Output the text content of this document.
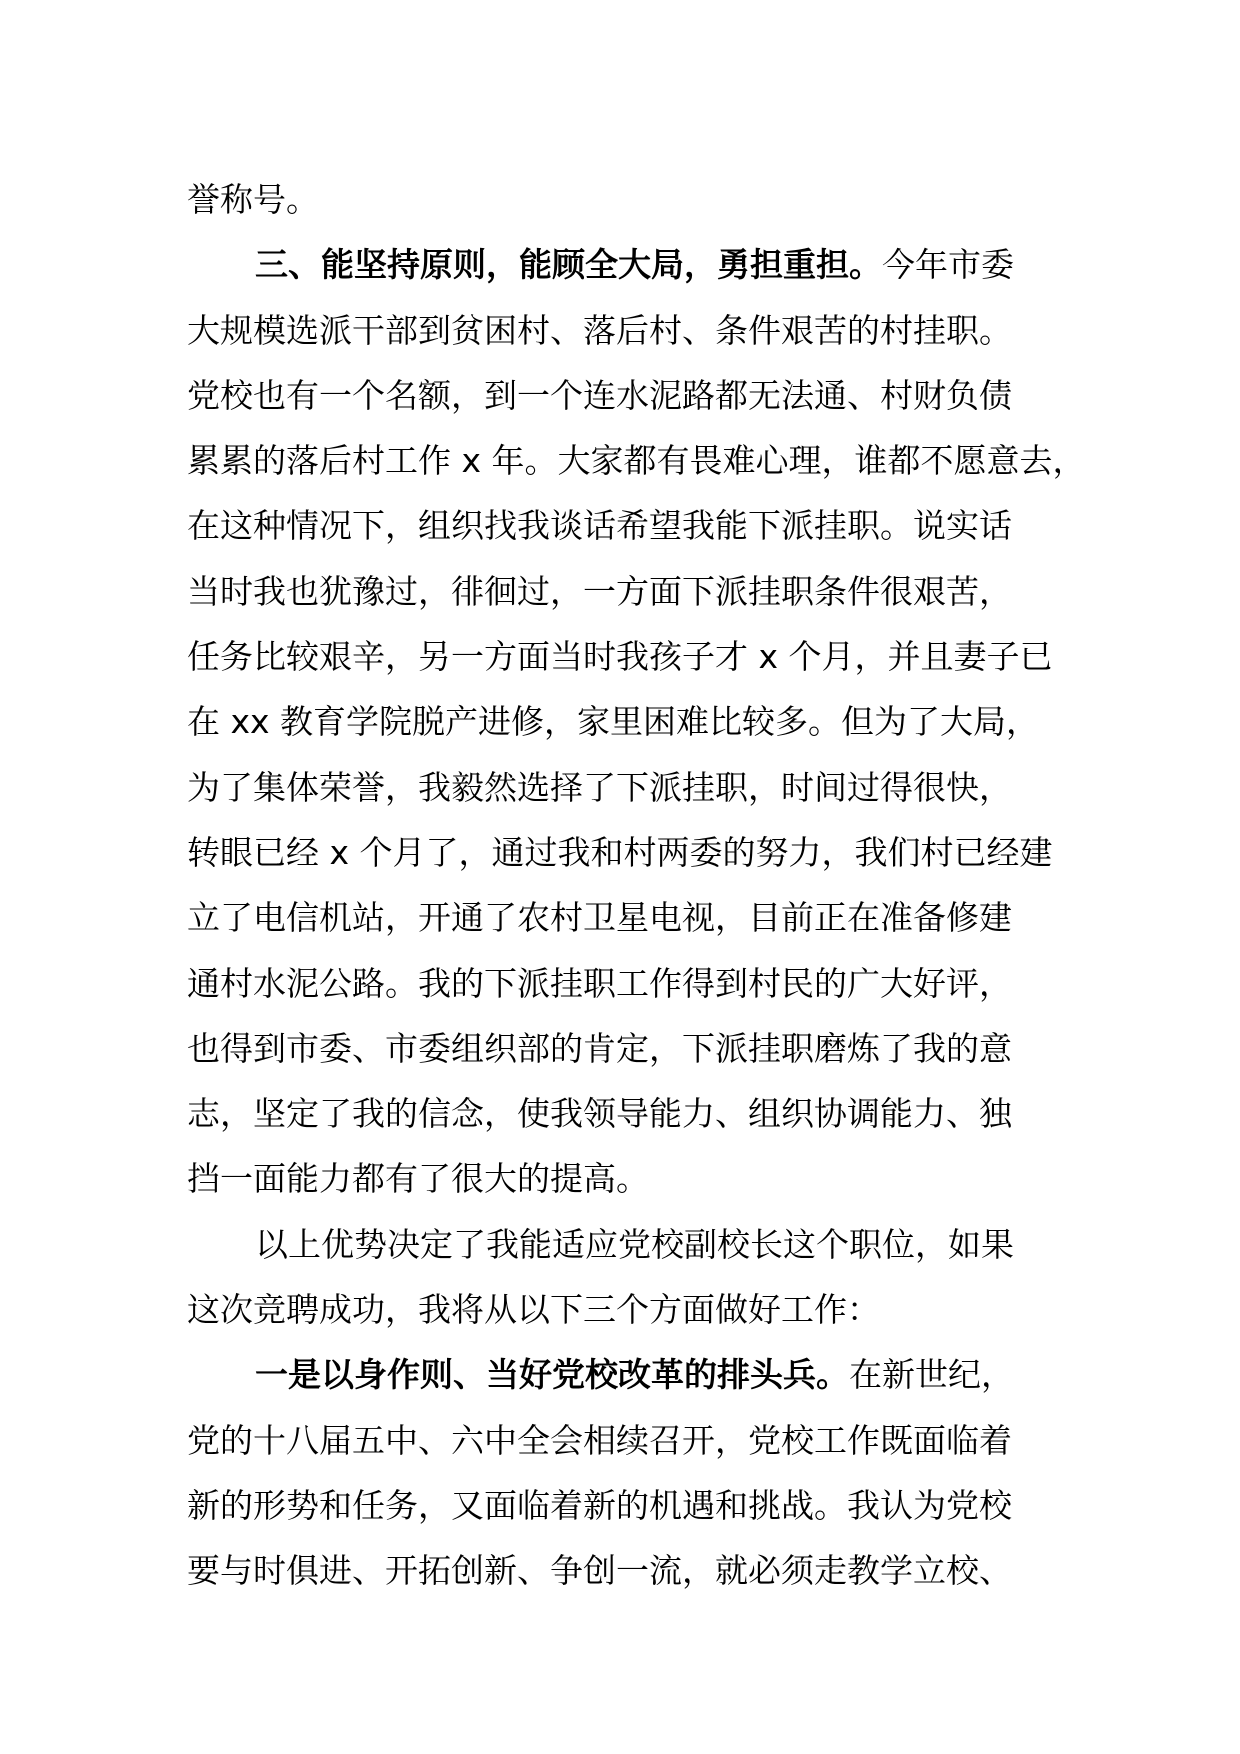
誉称号。
三、能坚持原则，能顾全大局，勇担重担。今年市委
大规模选派干部到贫困村、落后村、条件艰苦的村挂职。
党校也有一个名额，到一个连水泥路都无法通、村财负债
累累的落后村工作 x 年。大家都有畏难心理，谁都不愿意去，
在这种情况下，组织找我谈话希望我能下派挂职。说实话
当时我也犹豫过，徘徊过，一方面下派挂职条件很艰苦，
任务比较艰辛，另一方面当时我孩子才 x 个月，并且妻子已
在 xx 教育学院脱产进修，家里困难比较多。但为了大局，
为了集体荣誉，我毅然选择了下派挂职，时间过得很快，
转眼已经 x 个月了，通过我和村两委的努力，我们村已经建
立了电信机站，开通了农村卫星电视，目前正在准备修建
通村水泥公路。我的下派挂职工作得到村民的广大好评，
也得到市委、市委组织部的肯定，下派挂职磨炼了我的意
志，坚定了我的信念，使我领导能力、组织协调能力、独
挡一面能力都有了很大的提高。
以上优势决定了我能适应党校副校长这个职位，如果
这次竞聘成功，我将从以下三个方面做好工作：
一是以身作则、当好党校改革的排头兵。在新世纪，
党的十八届五中、六中全会相续召开，党校工作既面临着
新的形势和任务，又面临着新的机遇和挑战。我认为党校
要与时俱进、开拓创新、争创一流，就必须走教学立校、
